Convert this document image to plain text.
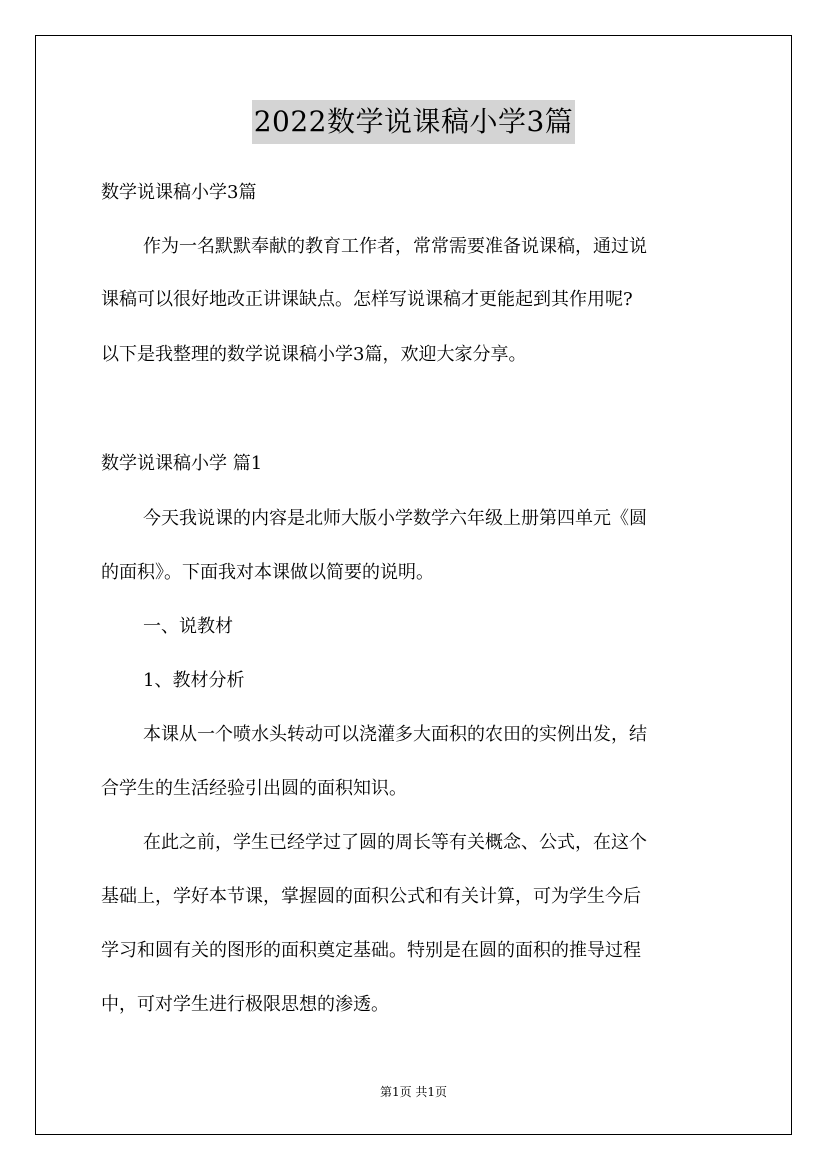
2022数学说课稿小学3篇
数学说课稿小学3篇
作为一名默默奉献的教育工作者，常常需要准备说课稿，通过说
课稿可以很好地改正讲课缺点。怎样写说课稿才更能起到其作用呢?
以下是我整理的数学说课稿小学3篇，欢迎大家分享。
数学说课稿小学 篇1
今天我说课的内容是北师大版小学数学六年级上册第四单元《圆
的面积》。下面我对本课做以简要的说明。
一、说教材
1、教材分析
本课从一个喷水头转动可以浇灌多大面积的农田的实例出发，结
合学生的生活经验引出圆的面积知识。
在此之前，学生已经学过了圆的周长等有关概念、公式，在这个
基础上，学好本节课，掌握圆的面积公式和有关计算，可为学生今后
学习和圆有关的图形的面积奠定基础。特别是在圆的面积的推导过程
中，可对学生进行极限思想的渗透。
第1页 共1页
